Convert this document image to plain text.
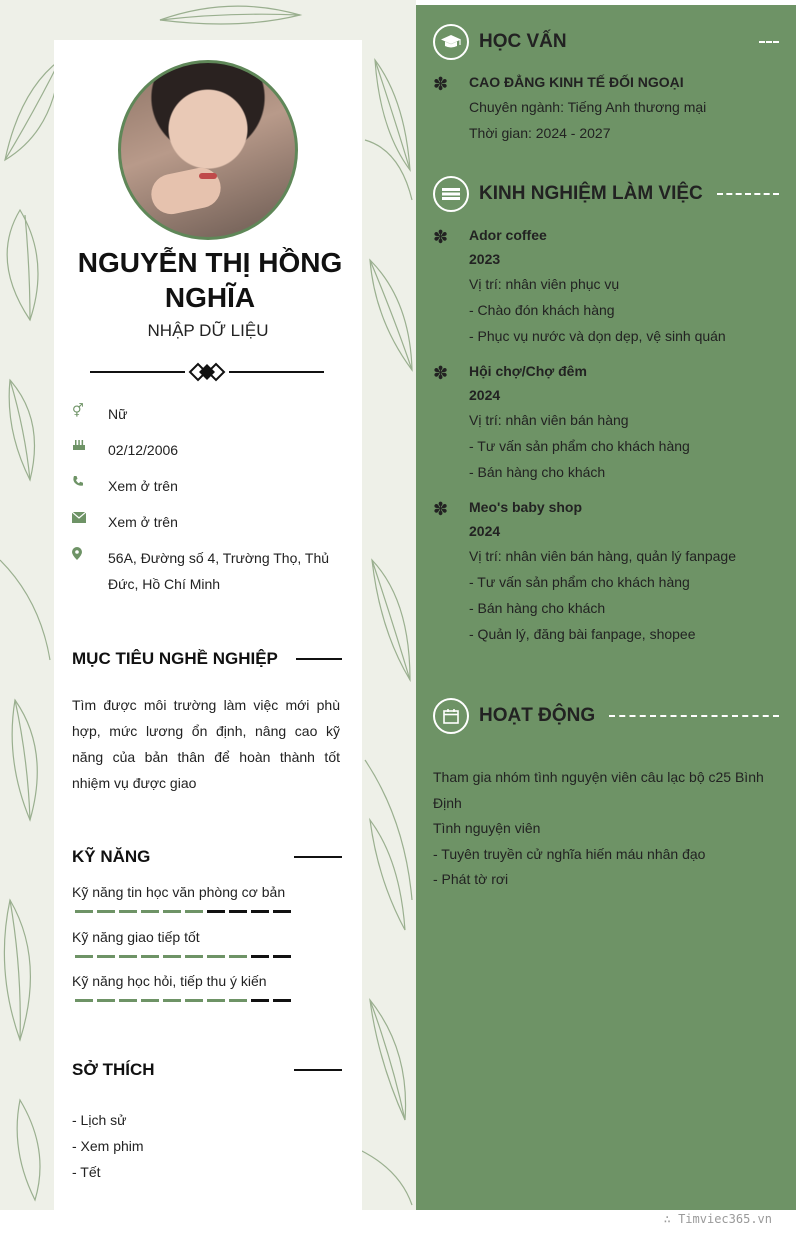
NGUYỄN THỊ HỒNG NGHĨA
NHẬP DỮ LIỆU
⚥	Nữ
02/12/2006
Xem ở trên
Xem ở trên
56A, Đường số 4, Trường Thọ, Thủ Đức, Hồ Chí Minh
MỤC TIÊU NGHỀ NGHIỆP
Tìm được môi trường làm việc mới phù hợp, mức lương ổn định, nâng cao kỹ năng của bản thân để hoàn thành tốt nhiệm vụ được giao
KỸ NĂNG
Kỹ năng tin học văn phòng cơ bản
Kỹ năng giao tiếp tốt
Kỹ năng học hỏi, tiếp thu ý kiến
SỞ THÍCH
- Lịch sử
- Xem phim
- Tết
HỌC VẤN
✽	CAO ĐẲNG KINH TẾ ĐỐI NGOẠI
Chuyên ngành: Tiếng Anh thương mại
Thời gian: 2024 - 2027
KINH NGHIỆM LÀM VIỆC
✽	Ador coffee
2023
Vị trí: nhân viên phục vụ
- Chào đón khách hàng
- Phục vụ nước và dọn dẹp, vệ sinh quán
✽	Hội chợ/Chợ đêm
2024
Vị trí: nhân viên bán hàng
- Tư vấn sản phẩm cho khách hàng
- Bán hàng cho khách
✽	Meo's baby shop
2024
Vị trí: nhân viên bán hàng, quản lý fanpage
- Tư vấn sản phẩm cho khách hàng
- Bán hàng cho khách
- Quản lý, đăng bài fanpage, shopee
HOẠT ĐỘNG
Tham gia nhóm tình nguyện viên câu lạc bộ c25 Bình Định
Tình nguyện viên
- Tuyên truyền cử nghĩa hiến máu nhân đạo
- Phát tờ rơi
∴ Timviec365.vn
